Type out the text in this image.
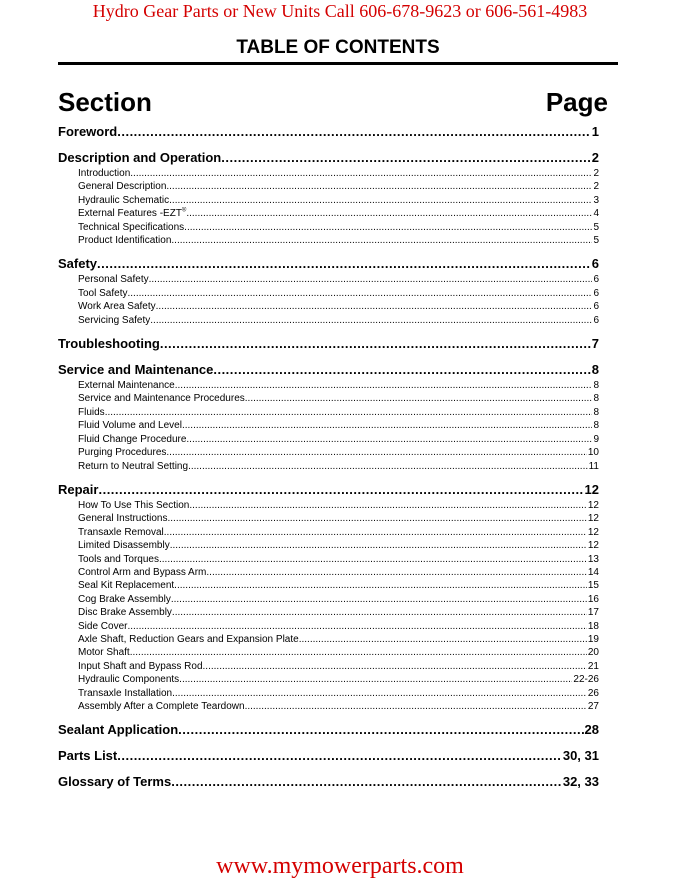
Hydro Gear Parts or New Units Call 606-678-9623 or 606-561-4983
TABLE OF CONTENTS
Section	Page
Foreword .....	1
Description and Operation .....	2
Introduction .....	2
General Description .....	2
Hydraulic Schematic .....	3
External Features -EZT® .....	4
Technical Specifications .....	5
Product Identification .....	5
Safety .....	6
Personal Safety .....	6
Tool Safety .....	6
Work Area Safety .....	6
Servicing Safety .....	6
Troubleshooting .....	7
Service and Maintenance .....	8
External Maintenance .....	8
Service and Maintenance Procedures .....	8
Fluids .....	8
Fluid Volume and Level .....	8
Fluid Change Procedure .....	9
Purging Procedures .....	10
Return to Neutral Setting .....	11
Repair .....	12
How To Use This Section .....	12
General Instructions .....	12
Transaxle Removal .....	12
Limited Disassembly .....	12
Tools and Torques .....	13
Control Arm and Bypass Arm .....	14
Seal Kit Replacement .....	15
Cog Brake Assembly .....	16
Disc Brake Assembly .....	17
Side Cover .....	18
Axle Shaft, Reduction Gears and Expansion Plate .....	19
Motor Shaft .....	20
Input Shaft and Bypass Rod .....	21
Hydraulic Components .....	22-26
Transaxle Installation .....	26
Assembly After a Complete Teardown .....	27
Sealant Application .....	28
Parts List .....	30, 31
Glossary of Terms .....	32, 33
www.mymowerparts.com
